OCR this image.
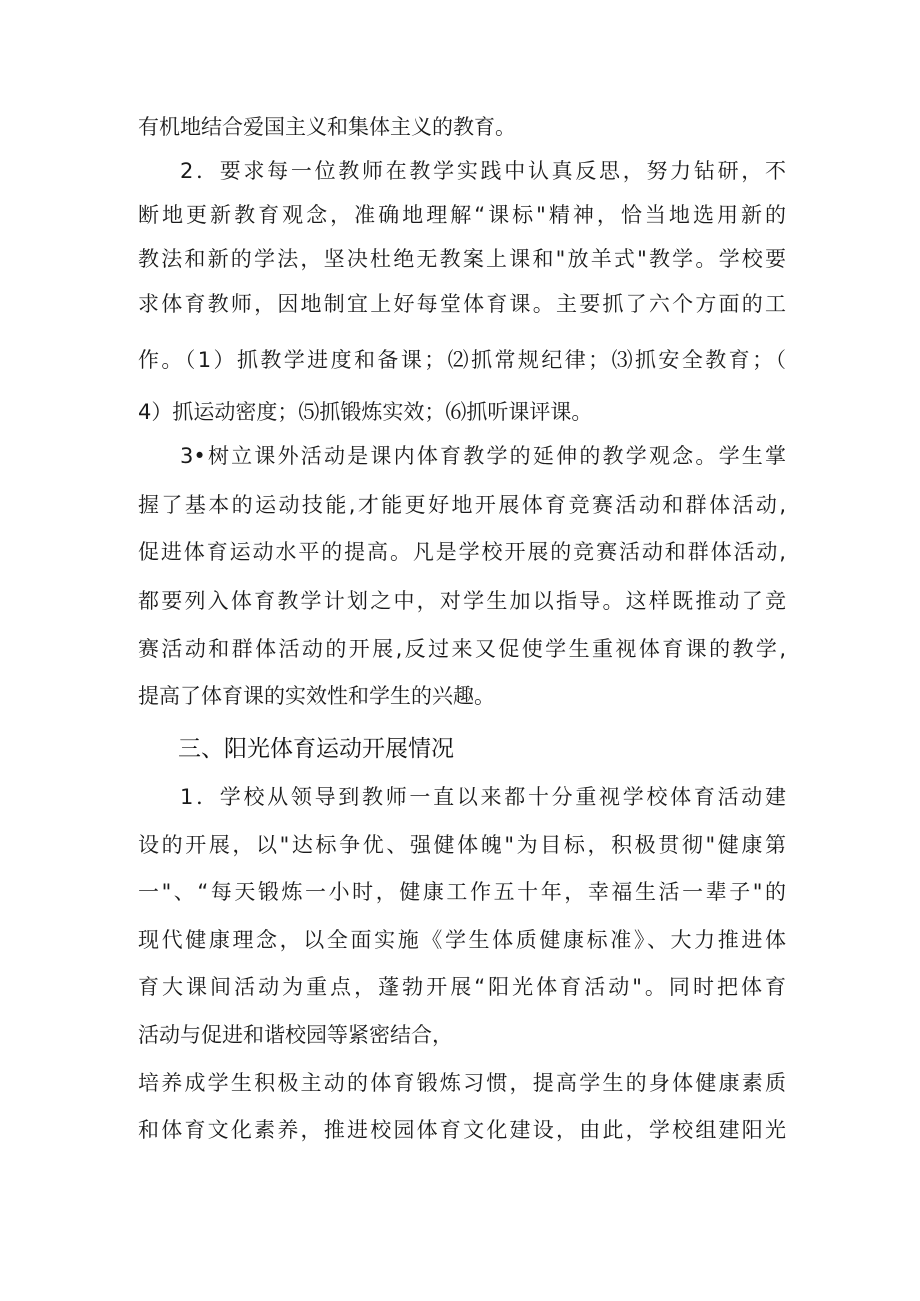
有机地结合爱国主义和集体主义的教育。
2．要求每一位教师在教学实践中认真反思，努力钻研，不
断地更新教育观念，准确地理解“课标"精神，恰当地选用新的
教法和新的学法，坚决杜绝无教案上课和"放羊式"教学。学校要
求体育教师，因地制宜上好每堂体育课。主要抓了六个方面的工
作。（1）抓教学进度和备课；⑵抓常规纪律；⑶抓安全教育；（
4）抓运动密度；⑸抓锻炼实效；⑹抓听课评课。
3•树立课外活动是课内体育教学的延伸的教学观念。学生掌
握了基本的运动技能,才能更好地开展体育竞赛活动和群体活动,
促进体育运动水平的提高。凡是学校开展的竞赛活动和群体活动,
都要列入体育教学计划之中，对学生加以指导。这样既推动了竞
赛活动和群体活动的开展,反过来又促使学生重视体育课的教学,
提高了体育课的实效性和学生的兴趣。
三、阳光体育运动开展情况
1．学校从领导到教师一直以来都十分重视学校体育活动建
设的开展，以"达标争优、强健体魄"为目标，积极贯彻"健康第
一"、“每天锻炼一小时，健康工作五十年，幸福生活一辈子"的
现代健康理念，以全面实施《学生体质健康标准》、大力推进体
育大课间活动为重点，蓬勃开展“阳光体育活动"。同时把体育
活动与促进和谐校园等紧密结合，
培养成学生积极主动的体育锻炼习惯，提高学生的身体健康素质
和体育文化素养，推进校园体育文化建设，由此，学校组建阳光
